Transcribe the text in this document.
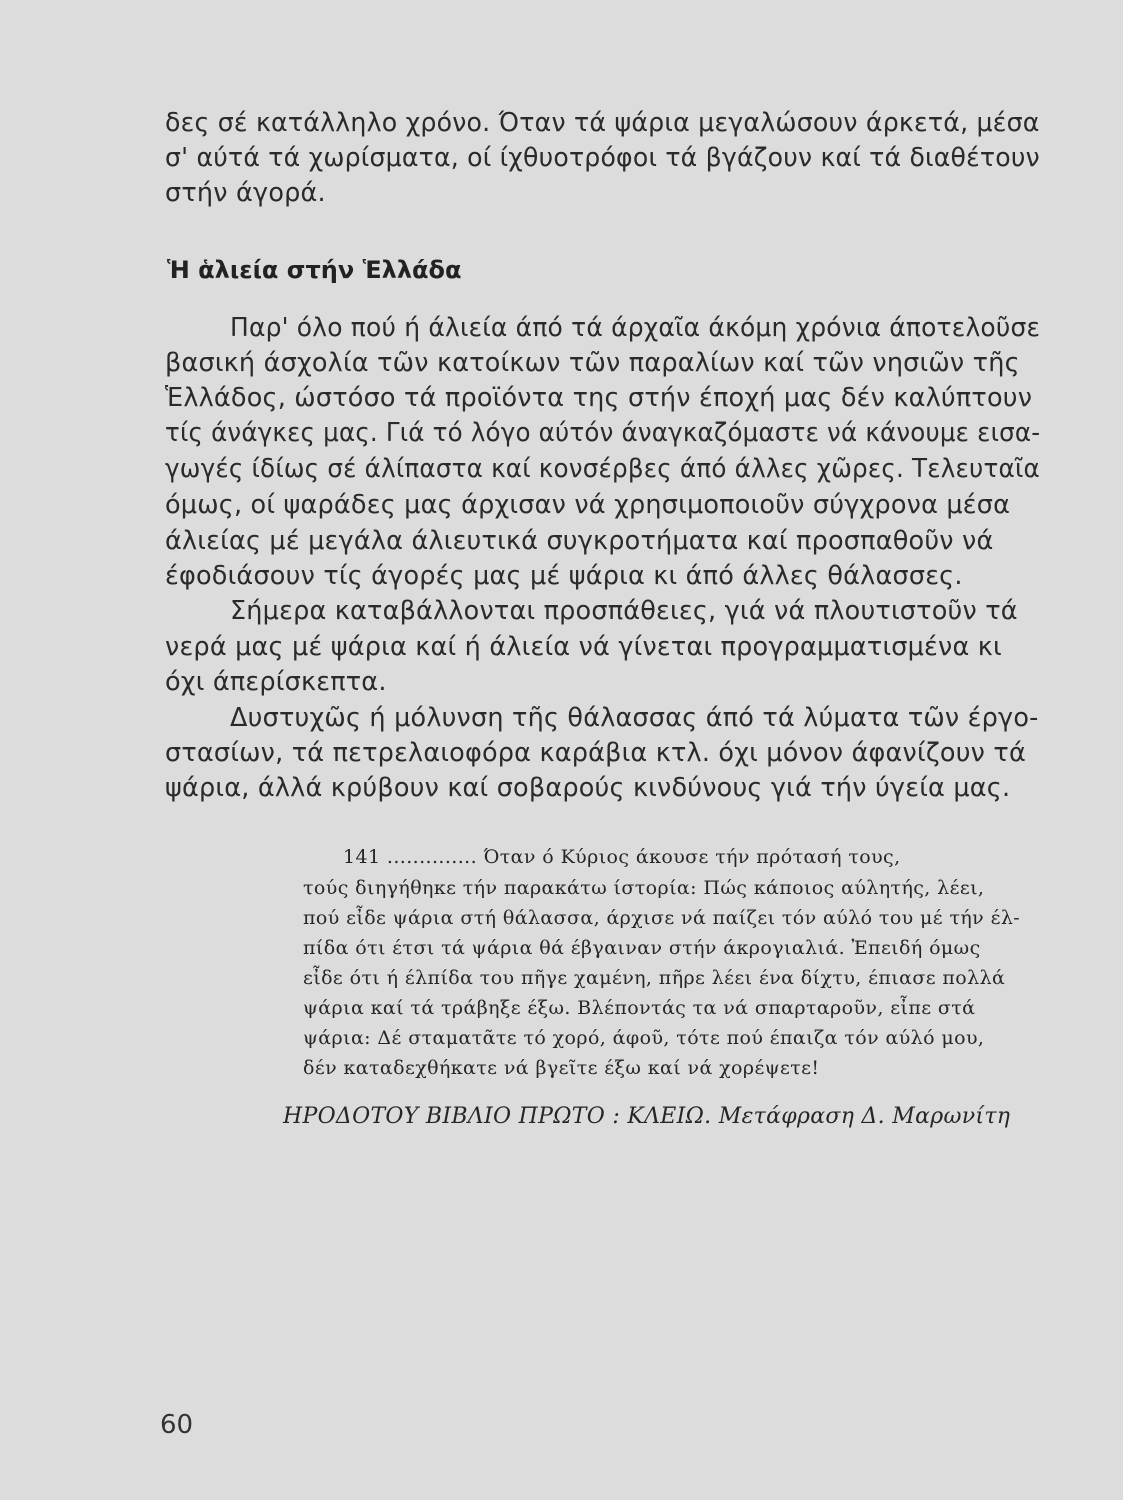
δες σέ κατάλληλο χρόνο. Όταν τά ψάρια μεγαλώσουν άρκετά, μέσα
σ' αύτά τά χωρίσματα, οί ίχθυοτρόφοι τά βγάζουν καί τά διαθέτουν
στήν άγορά.
Ἡ ἁλιεία στήν Ἑλλάδα
Παρ' όλο πού ή άλιεία άπό τά άρχαῖα άκόμη χρόνια άποτελοῦσε
βασική άσχολία τῶν κατοίκων τῶν παραλίων καί τῶν νησιῶν τῆς
Ἑλλάδος, ώστόσο τά προϊόντα της στήν έποχή μας δέν καλύπτουν
τίς άνάγκες μας. Γιά τό λόγο αύτόν άναγκαζόμαστε νά κάνουμε εισα-
γωγές ίδίως σέ άλίπαστα καί κονσέρβες άπό άλλες χῶρες. Τελευταῖα
όμως, οί ψαράδες μας άρχισαν νά χρησιμοποιοῦν σύγχρονα μέσα
άλιείας μέ μεγάλα άλιευτικά συγκροτήματα καί προσπαθοῦν νά
έφοδιάσουν τίς άγορές μας μέ ψάρια κι άπό άλλες θάλασσες.
Σήμερα καταβάλλονται προσπάθειες, γιά νά πλουτιστοῦν τά
νερά μας μέ ψάρια καί ή άλιεία νά γίνεται προγραμματισμένα κι
όχι άπερίσκεπτα.
Δυστυχῶς ή μόλυνση τῆς θάλασσας άπό τά λύματα τῶν έργο-
στασίων, τά πετρελαιοφόρα καράβια κτλ. όχι μόνον άφανίζουν τά
ψάρια, άλλά κρύβουν καί σοβαρούς κινδύνους γιά τήν ύγεία μας.
141 .............. Όταν ό Κύριος άκουσε τήν πρότασή τους,
τούς διηγήθηκε τήν παρακάτω ίστορία: Πώς κάποιος αύλητής, λέει,
πού εἶδε ψάρια στή θάλασσα, άρχισε νά παίζει τόν αύλό του μέ τήν έλ-
πίδα ότι έτσι τά ψάρια θά έβγαιναν στήν άκρογιαλιά. Ἐπειδή όμως
εἶδε ότι ή έλπίδα του πῆγε χαμένη, πῆρε λέει ένα δίχτυ, έπιασε πολλά
ψάρια καί τά τράβηξε έξω. Βλέποντάς τα νά σπαρταροῦν, εἶπε στά
ψάρια: Δέ σταματᾶτε τό χορό, άφοῦ, τότε πού έπαιζα τόν αύλό μου,
δέν καταδεχθήκατε νά βγεῖτε έξω καί νά χορέψετε!
ΗΡΟΔΟΤΟΥ ΒΙΒΛΙΟ ΠΡΩΤΟ : ΚΛΕΙΩ. Μετάφραση Δ. Μαρωνίτη
60
